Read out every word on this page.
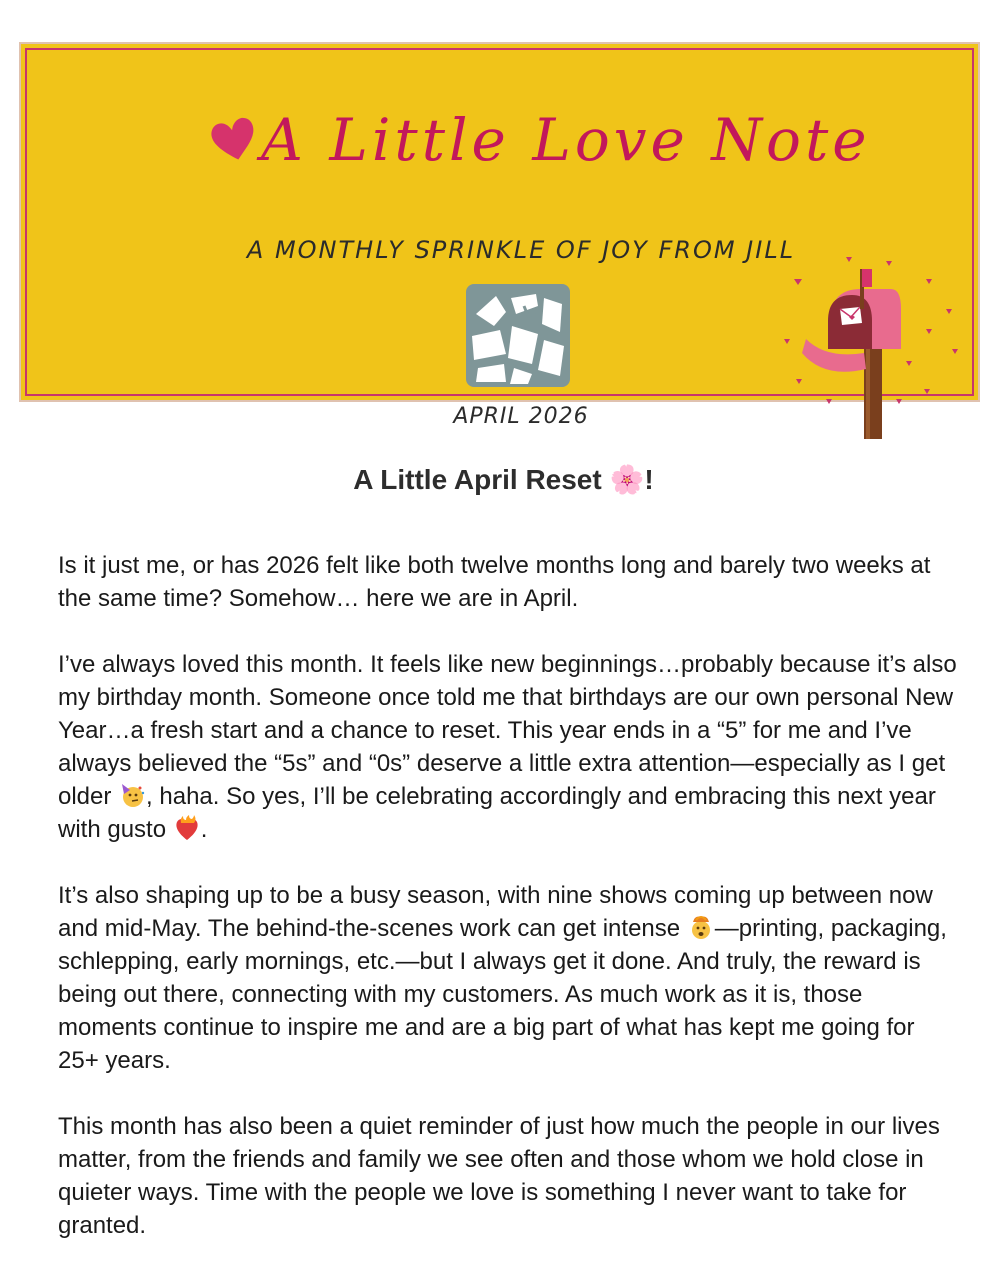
A Little Love Note
A MONTHLY SPRINKLE OF JOY FROM JILL
APRIL 2026
A Little April Reset 🌸!

Is it just me, or has 2026 felt like both twelve months long and barely two weeks at the same time? Somehow… here we are in April.

I’ve always loved this month. It feels like new beginnings…probably because it’s also my birthday month. Someone once told me that birthdays are our own personal New Year…a fresh start and a chance to reset. This year ends in a “5” for me and I’ve always believed the “5s” and “0s” deserve a little extra attention—especially as I get older , haha. So yes, I’ll be celebrating accordingly and embracing this next year with gusto .

It’s also shaping up to be a busy season, with nine shows coming up between now and mid-May. The behind-the-scenes work can get intense —printing, packaging, schlepping, early mornings, etc.—but I always get it done. And truly, the reward is being out there, connecting with my customers. As much work as it is, those moments continue to inspire me and are a big part of what has kept me going for 25+ years.

This month has also been a quiet reminder of just how much the people in our lives matter, from the friends and family we see often and those whom we hold close in quieter ways. Time with the people we love is something I never want to take for granted.
